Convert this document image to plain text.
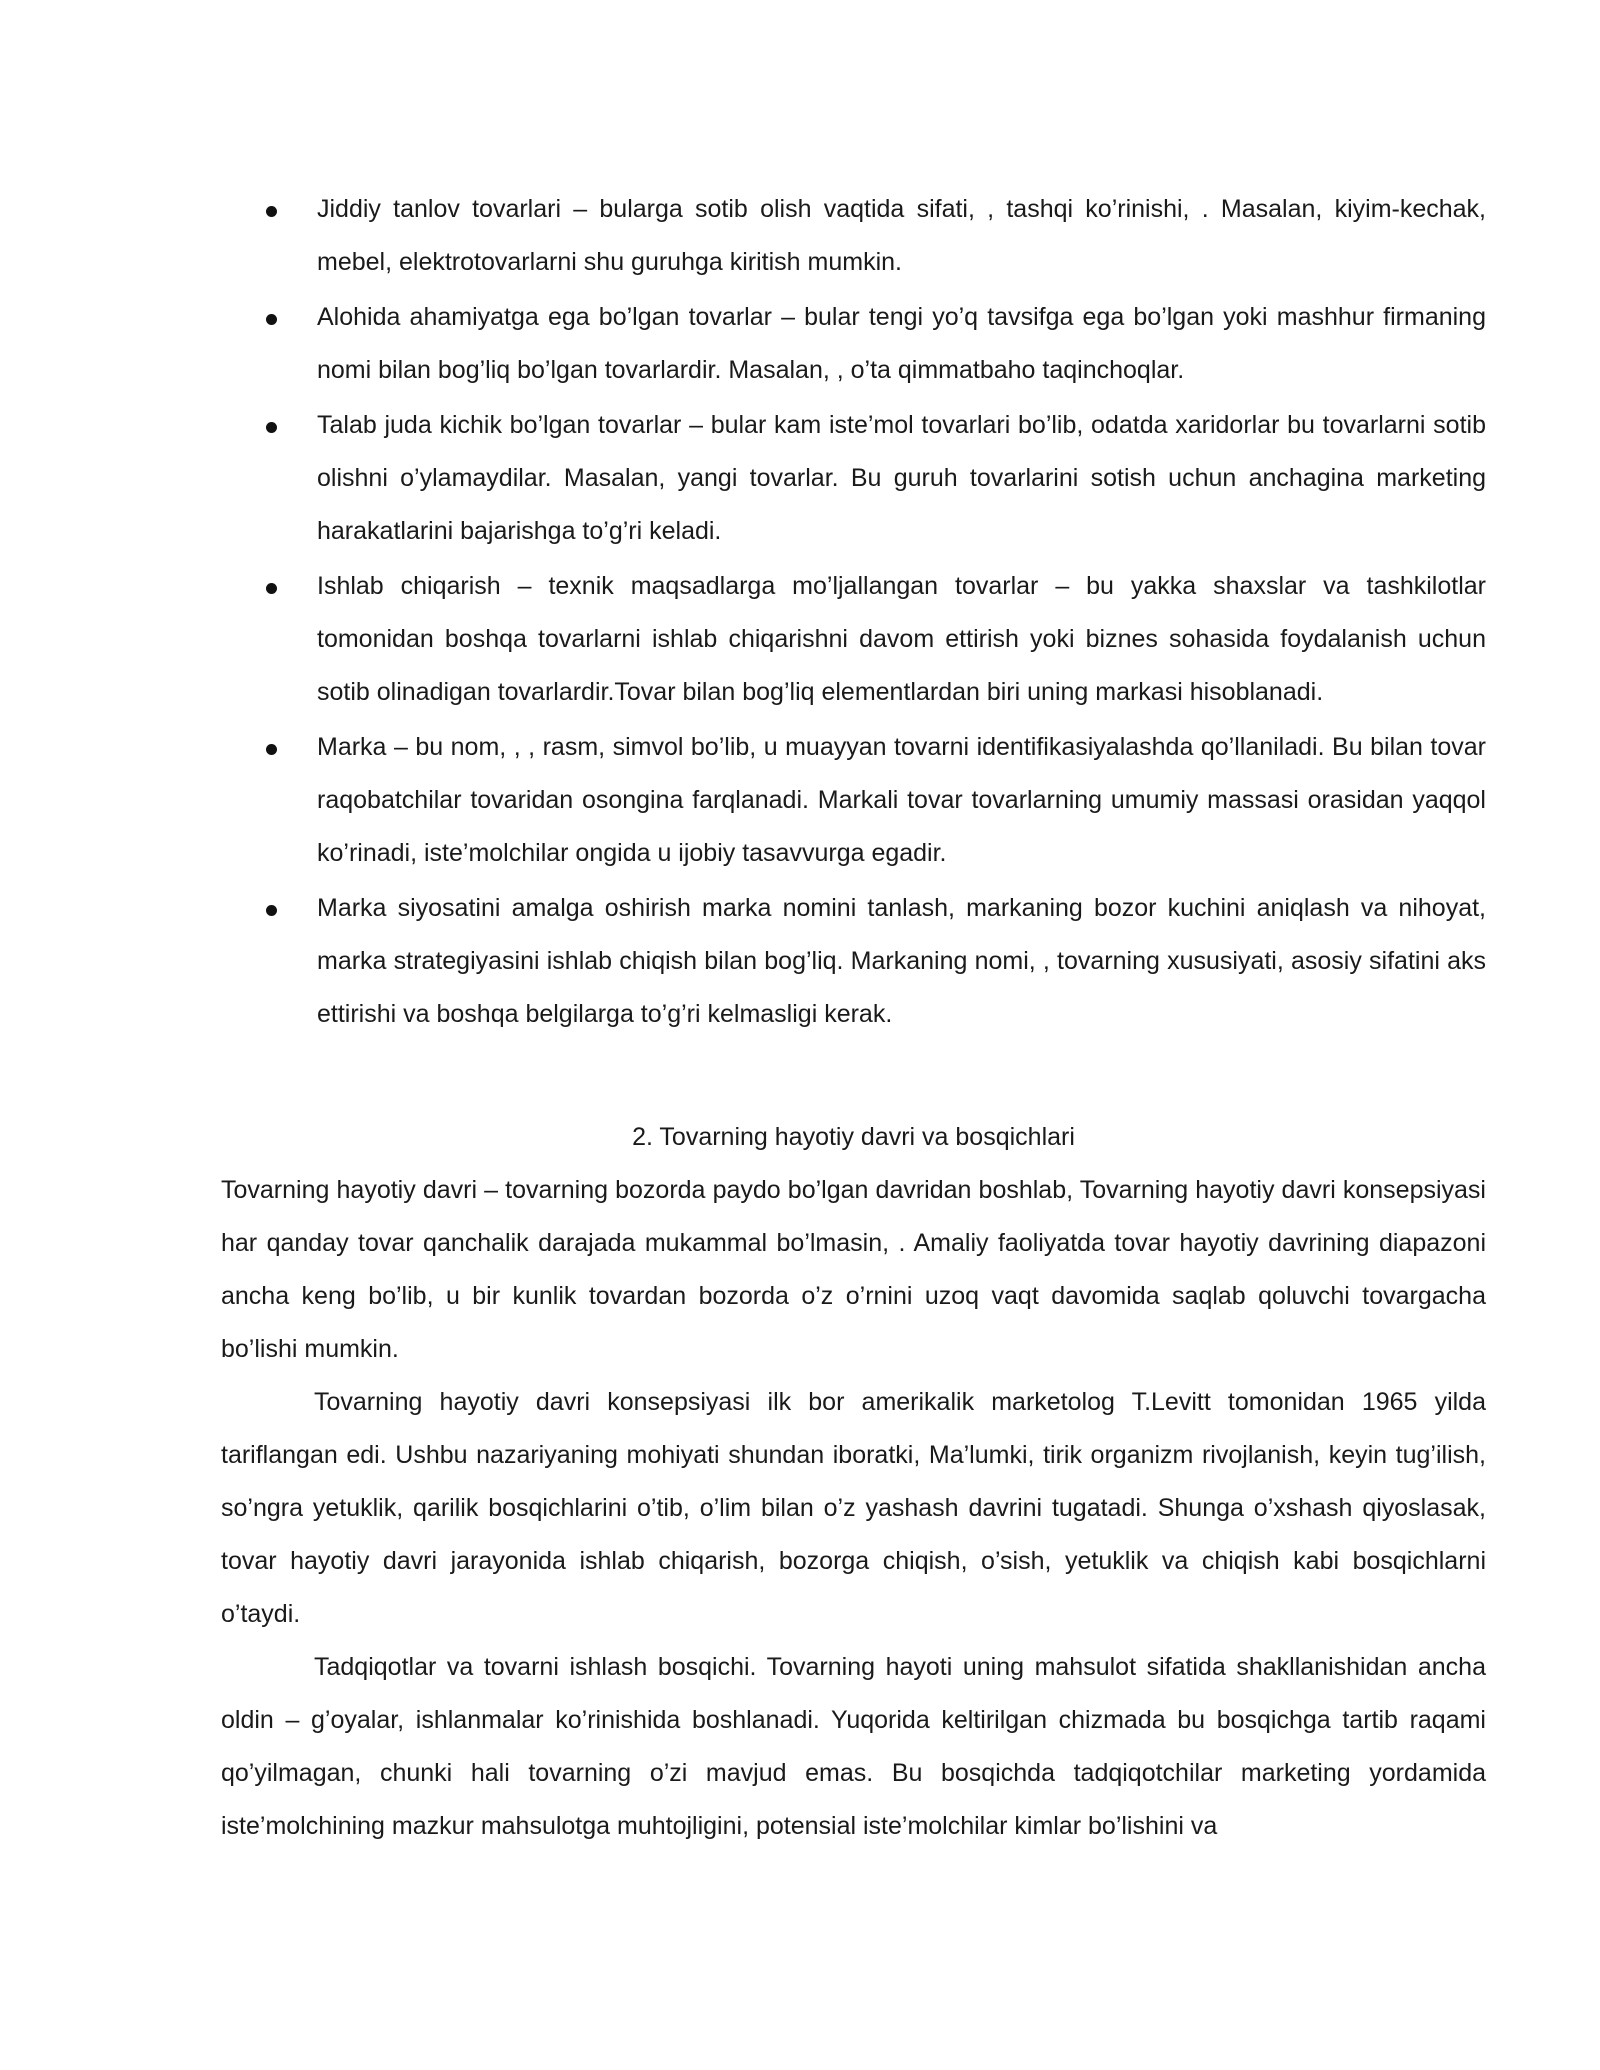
Jiddiy tanlov tovarlari – bularga sotib olish vaqtida sifati, , tashqi ko’rinishi, . Masalan, kiyim-kechak, mebel, elektrotovarlarni shu guruhga kiritish mumkin.
Alohida ahamiyatga ega bo’lgan tovarlar – bular tengi yo’q tavsifga ega bo’lgan yoki mashhur firmaning nomi bilan bog’liq bo’lgan tovarlardir. Masalan, , o’ta qimmatbaho taqinchoqlar.
Talab juda kichik bo’lgan tovarlar – bular kam iste’mol tovarlari bo’lib, odatda xaridorlar bu tovarlarni sotib olishni o’ylamaydilar. Masalan, yangi tovarlar. Bu guruh tovarlarini sotish uchun anchagina marketing harakatlarini bajarishga to’g’ri keladi.
Ishlab chiqarish – texnik maqsadlarga mo’ljallangan tovarlar – bu yakka shaxslar va tashkilotlar tomonidan boshqa tovarlarni ishlab chiqarishni davom ettirish yoki biznes sohasida foydalanish uchun sotib olinadigan tovarlardir.Tovar bilan bog’liq elementlardan biri uning markasi hisoblanadi.
Marka – bu nom, , , rasm, simvol bo’lib, u muayyan tovarni identifikasiyalashda qo’llaniladi. Bu bilan tovar raqobatchilar tovaridan osongina farqlanadi. Markali tovar tovarlarning umumiy massasi orasidan yaqqol ko’rinadi, iste’molchilar ongida u ijobiy tasavvurga egadir.
Marka siyosatini amalga oshirish marka nomini tanlash, markaning bozor kuchini aniqlash va nihoyat, marka strategiyasini ishlab chiqish bilan bog’liq. Markaning nomi, , tovarning xususiyati, asosiy sifatini aks ettirishi va boshqa belgilarga to’g’ri kelmasligi kerak.
2. Tovarning hayotiy davri va bosqichlari

Tovarning hayotiy davri – tovarning bozorda paydo bo’lgan davridan boshlab, Tovarning hayotiy davri konsepsiyasi har qanday tovar qanchalik darajada mukammal bo’lmasin, . Amaliy faoliyatda tovar hayotiy davrining diapazoni ancha keng bo’lib, u bir kunlik tovardan bozorda o’z o’rnini uzoq vaqt davomida saqlab qoluvchi tovargacha bo’lishi mumkin.

Tovarning hayotiy davri konsepsiyasi ilk bor amerikalik marketolog T.Levitt tomonidan 1965 yilda tariflangan edi. Ushbu nazariyaning mohiyati shundan iboratki, Ma’lumki, tirik organizm rivojlanish, keyin tug’ilish, so’ngra yetuklik, qarilik bosqichlarini o’tib, o’lim bilan o’z yashash davrini tugatadi. Shunga o’xshash qiyoslasak, tovar hayotiy davri jarayonida ishlab chiqarish, bozorga chiqish, o’sish, yetuklik va chiqish kabi bosqichlarni o’taydi.

Tadqiqotlar va tovarni ishlash bosqichi. Tovarning hayoti uning mahsulot sifatida shakllanishidan ancha oldin – g’oyalar, ishlanmalar ko’rinishida boshlanadi. Yuqorida keltirilgan chizmada bu bosqichga tartib raqami qo’yilmagan, chunki hali tovarning o’zi mavjud emas. Bu bosqichda tadqiqotchilar marketing yordamida iste’molchining mazkur mahsulotga muhtojligini, potensial iste’molchilar kimlar bo’lishini va
